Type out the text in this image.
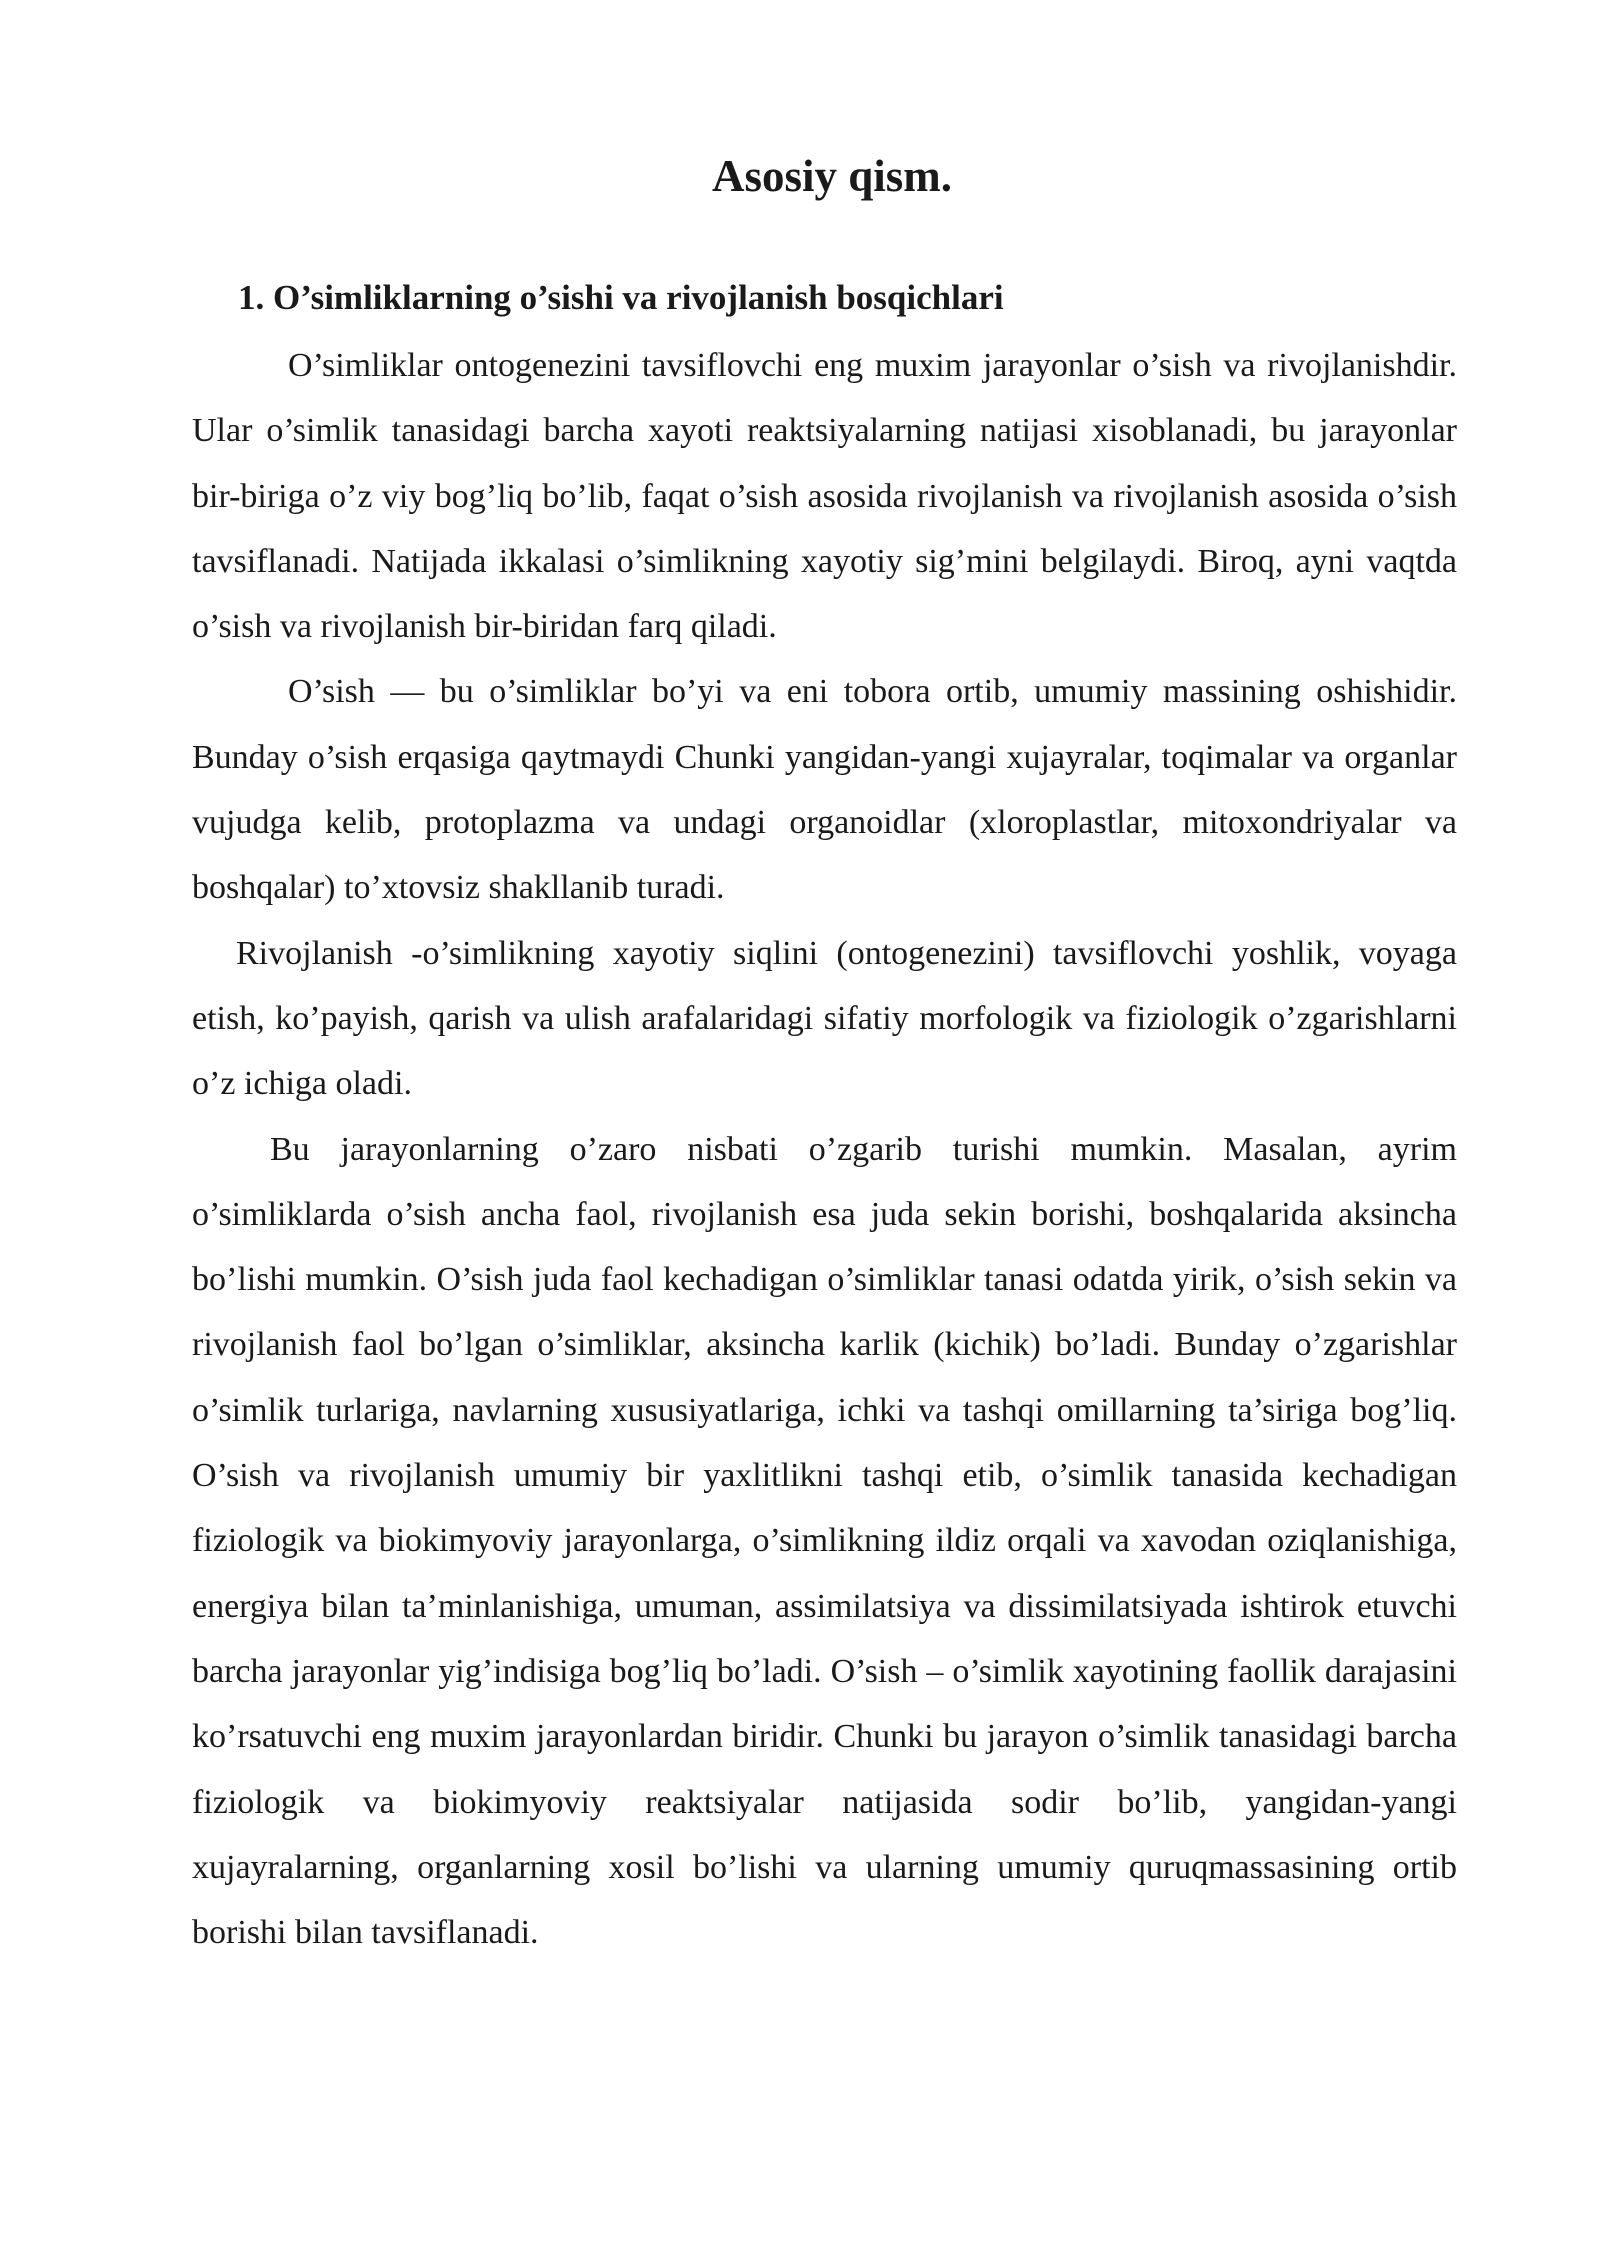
Asosiy qism.
1. O’simliklarning o’sishi va rivojlanish bosqichlari

O’simliklar ontogenezini tavsiflovchi eng muxim jarayonlar o’sish va rivojlanishdir. Ular o’simlik tanasidagi barcha xayoti reaktsiyalarning natijasi xisoblanadi, bu jarayonlar bir-biriga o’z viy bog’liq bo’lib, faqat o’sish asosida rivojlanish va rivojlanish asosida o’sish tavsiflanadi. Natijada ikkalasi o’simlikning xayotiy sig’mini belgilaydi. Biroq, ayni vaqtda o’sish va rivojlanish bir-biridan farq qiladi.

O’sish — bu o’simliklar bo’yi va eni tobora ortib, umumiy massining oshishidir. Bunday o’sish erqasiga qaytmaydi Chunki yangidan-yangi xujayralar, toqimalar va organlar vujudga kelib, protoplazma va undagi organoidlar (xloroplastlar, mitoxondriyalar va boshqalar) to’xtovsiz shakllanib turadi.

Rivojlanish -o’simlikning xayotiy siqlini (ontogenezini) tavsiflovchi yoshlik, voyaga etish, ko’payish, qarish va ulish arafalaridagi sifatiy morfologik va fiziologik o’zgarishlarni o’z ichiga oladi.

Bu jarayonlarning o’zaro nisbati o’zgarib turishi mumkin. Masalan, ayrim o’simliklarda o’sish ancha faol, rivojlanish esa juda sekin borishi, boshqalarida aksincha bo’lishi mumkin. O’sish juda faol kechadigan o’simliklar tanasi odatda yirik, o’sish sekin va rivojlanish faol bo’lgan o’simliklar, aksincha karlik (kichik) bo’ladi. Bunday o’zgarishlar o’simlik turlariga, navlarning xususiyatlariga, ichki va tashqi omillarning ta’siriga bog’liq. O’sish va rivojlanish umumiy bir yaxlitlikni tashqi etib, o’simlik tanasida kechadigan fiziologik va biokimyoviy jarayonlarga, o’simlikning ildiz orqali va xavodan oziqlanishiga, energiya bilan ta’minlanishiga, umuman, assimilatsiya va dissimilatsiyada ishtirok etuvchi barcha jarayonlar yig’indisiga bog’liq bo’ladi. O’sish – o’simlik xayotining faollik darajasini ko’rsatuvchi eng muxim jarayonlardan biridir. Chunki bu jarayon o’simlik tanasidagi barcha fiziologik va biokimyoviy reaktsiyalar natijasida sodir bo’lib, yangidan-yangi xujayralarning, organlarning xosil bo’lishi va ularning umumiy quruqmassasining ortib borishi bilan tavsiflanadi.
